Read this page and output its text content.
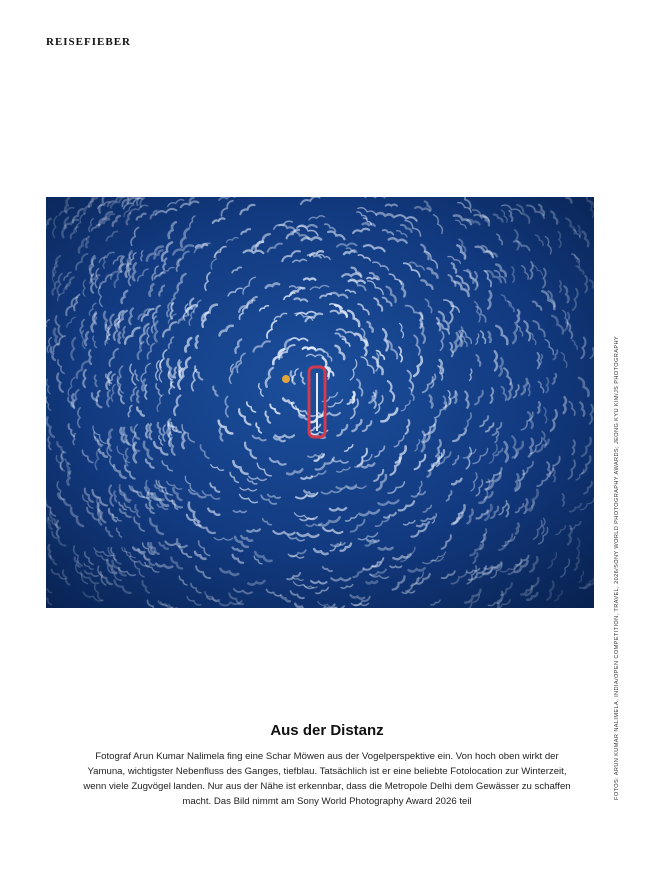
REISEFIEBER
FOTOS: ARUN KUMAR NALIMELA, INDIA/OPEN COMPETITION, TRAVEL, 2026/SONY WORLD PHOTOGRAPHY AWARDS; JEONG KYU KIM/JS PHOTOGRAPHY
Aus der Distanz
Fotograf Arun Kumar Nalimela fing eine Schar Möwen aus der Vogelperspektive ein. Von hoch oben wirkt der Yamuna, wichtigster Nebenfluss des Ganges, tiefblau. Tatsächlich ist er eine beliebte Fotolocation zur Winterzeit, wenn viele Zugvögel landen. Nur aus der Nähe ist erkennbar, dass die Metropole Delhi dem Gewässer zu schaffen macht. Das Bild nimmt am Sony World Photography Award 2026 teil
